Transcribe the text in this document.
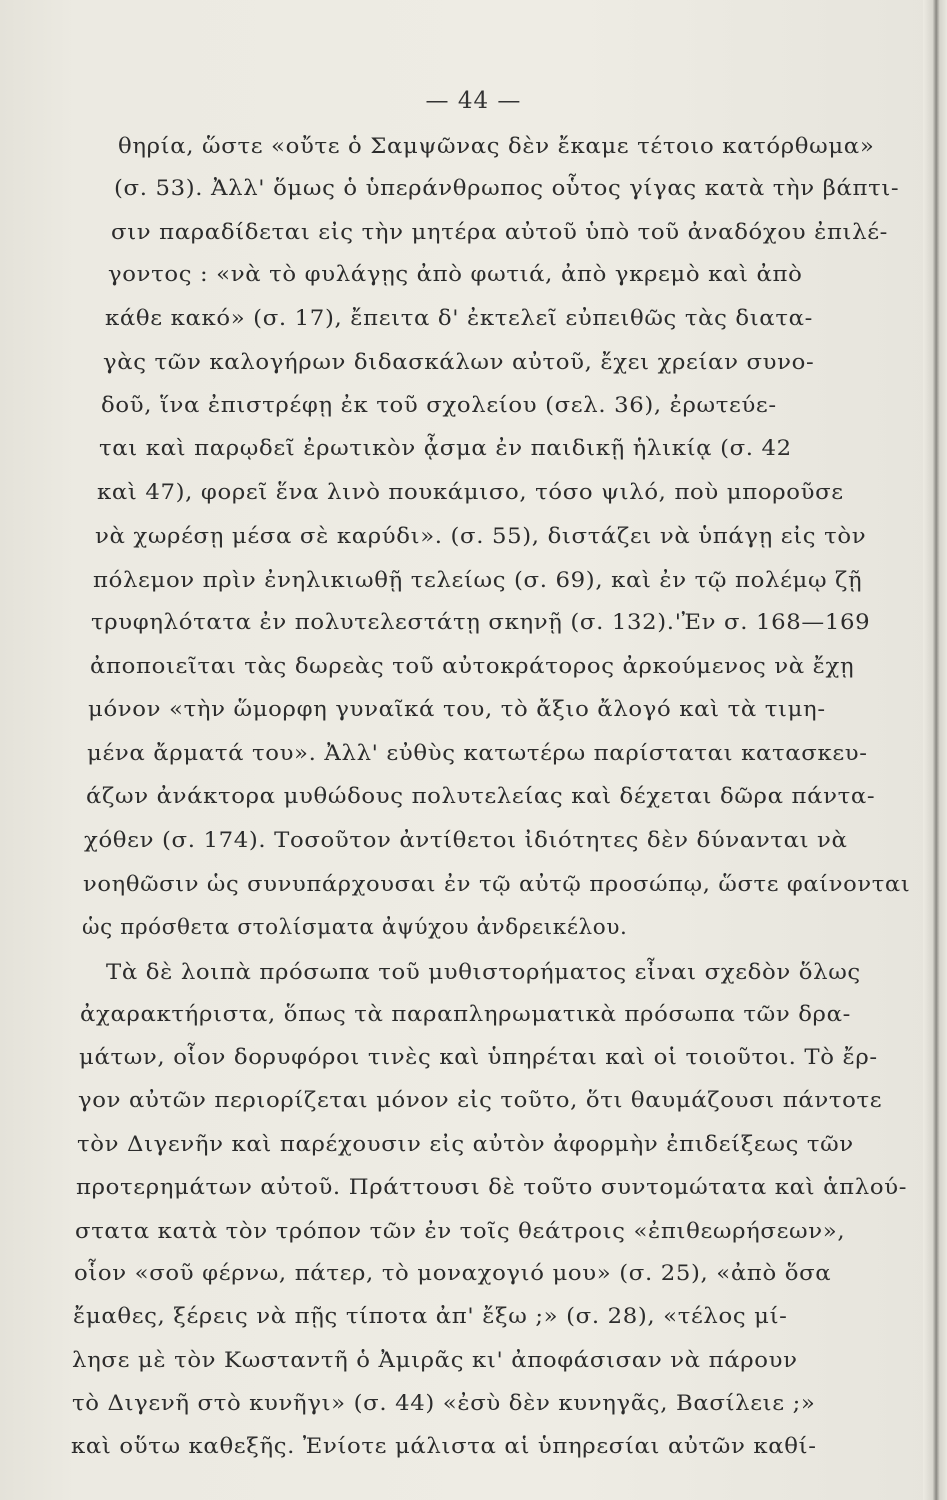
— 44 —
θηρία, ὥστε «οὔτε ὁ Σαμψῶνας δὲν ἔκαμε τέτοιο κατόρθωμα»
(σ. 53). Ἀλλ' ὅμως ὁ ὑπεράνθρωπος οὗτος γίγας κατὰ τὴν βάπτι-
σιν παραδίδεται εἰς τὴν μητέρα αὐτοῦ ὑπὸ τοῦ ἀναδόχου ἐπιλέ-
γοντος : «νὰ τὸ φυλάγῃς ἀπὸ φωτιά, ἀπὸ γκρεμὸ καὶ ἀπὸ
κάθε κακό» (σ. 17), ἔπειτα δ' ἐκτελεῖ εὐπειθῶς τὰς διατα-
γὰς τῶν καλογήρων διδασκάλων αὐτοῦ, ἔχει χρείαν συνο-
δοῦ, ἵνα ἐπιστρέφῃ ἐκ τοῦ σχολείου (σελ. 36), ἐρωτεύε-
ται καὶ παρῳδεῖ ἐρωτικὸν ᾆσμα ἐν παιδικῇ ἡλικίᾳ (σ. 42
καὶ 47), φορεῖ ἕνα λινὸ πουκάμισο, τόσο ψιλό, ποὺ μποροῦσε
νὰ χωρέσῃ μέσα σὲ καρύδι». (σ. 55), διστάζει νὰ ὑπάγῃ εἰς τὸν
πόλεμον πρὶν ἐνηλικιωθῇ τελείως (σ. 69), καὶ ἐν τῷ πολέμῳ ζῇ
τρυφηλότατα ἐν πολυτελεστάτῃ σκηνῇ (σ. 132).'Ἐν σ. 168—169
ἀποποιεῖται τὰς δωρεὰς τοῦ αὐτοκράτορος ἀρκούμενος νὰ ἔχῃ
μόνον «τὴν ὥμορφη γυναῖκά του, τὸ ἄξιο ἄλογό καὶ τὰ τιμη-
μένα ἄρματά του». Ἀλλ' εὐθὺς κατωτέρω παρίσταται κατασκευ-
άζων ἀνάκτορα μυθώδους πολυτελείας καὶ δέχεται δῶρα πάντα-
χόθεν (σ. 174). Τοσοῦτον ἀντίθετοι ἰδιότητες δὲν δύνανται νὰ
νοηθῶσιν ὡς συνυπάρχουσαι ἐν τῷ αὐτῷ προσώπῳ, ὥστε φαίνονται
ὡς πρόσθετα στολίσματα ἀψύχου ἀνδρεικέλου.
Τὰ δὲ λοιπὰ πρόσωπα τοῦ μυθιστορήματος εἶναι σχεδὸν ὅλως
ἀχαρακτήριστα, ὅπως τὰ παραπληρωματικὰ πρόσωπα τῶν δρα-
μάτων, οἷον δορυφόροι τινὲς καὶ ὑπηρέται καὶ οἱ τοιοῦτοι. Τὸ ἔρ-
γον αὐτῶν περιορίζεται μόνον εἰς τοῦτο, ὅτι θαυμάζουσι πάντοτε
τὸν Διγενῆν καὶ παρέχουσιν εἰς αὐτὸν ἀφορμὴν ἐπιδείξεως τῶν
προτερημάτων αὐτοῦ. Πράττουσι δὲ τοῦτο συντομώτατα καὶ ἁπλού-
στατα κατὰ τὸν τρόπον τῶν ἐν τοῖς θεάτροις «ἐπιθεωρήσεων»,
οἷον «σοῦ φέρνω, πάτερ, τὸ μοναχογιό μου» (σ. 25), «ἀπὸ ὅσα
ἔμαθες, ξέρεις νὰ πῇς τίποτα ἀπ' ἔξω ;» (σ. 28), «τέλος μί-
λησε μὲ τὸν Κωσταντῆ ὁ Ἀμιρᾶς κι' ἀποφάσισαν νὰ πάρουν
τὸ Διγενῆ στὸ κυνῆγι» (σ. 44) «ἐσὺ δὲν κυνηγᾶς, Βασίλειε ;»
καὶ οὕτω καθεξῆς. Ἐνίοτε μάλιστα αἱ ὑπηρεσίαι αὐτῶν καθί-
